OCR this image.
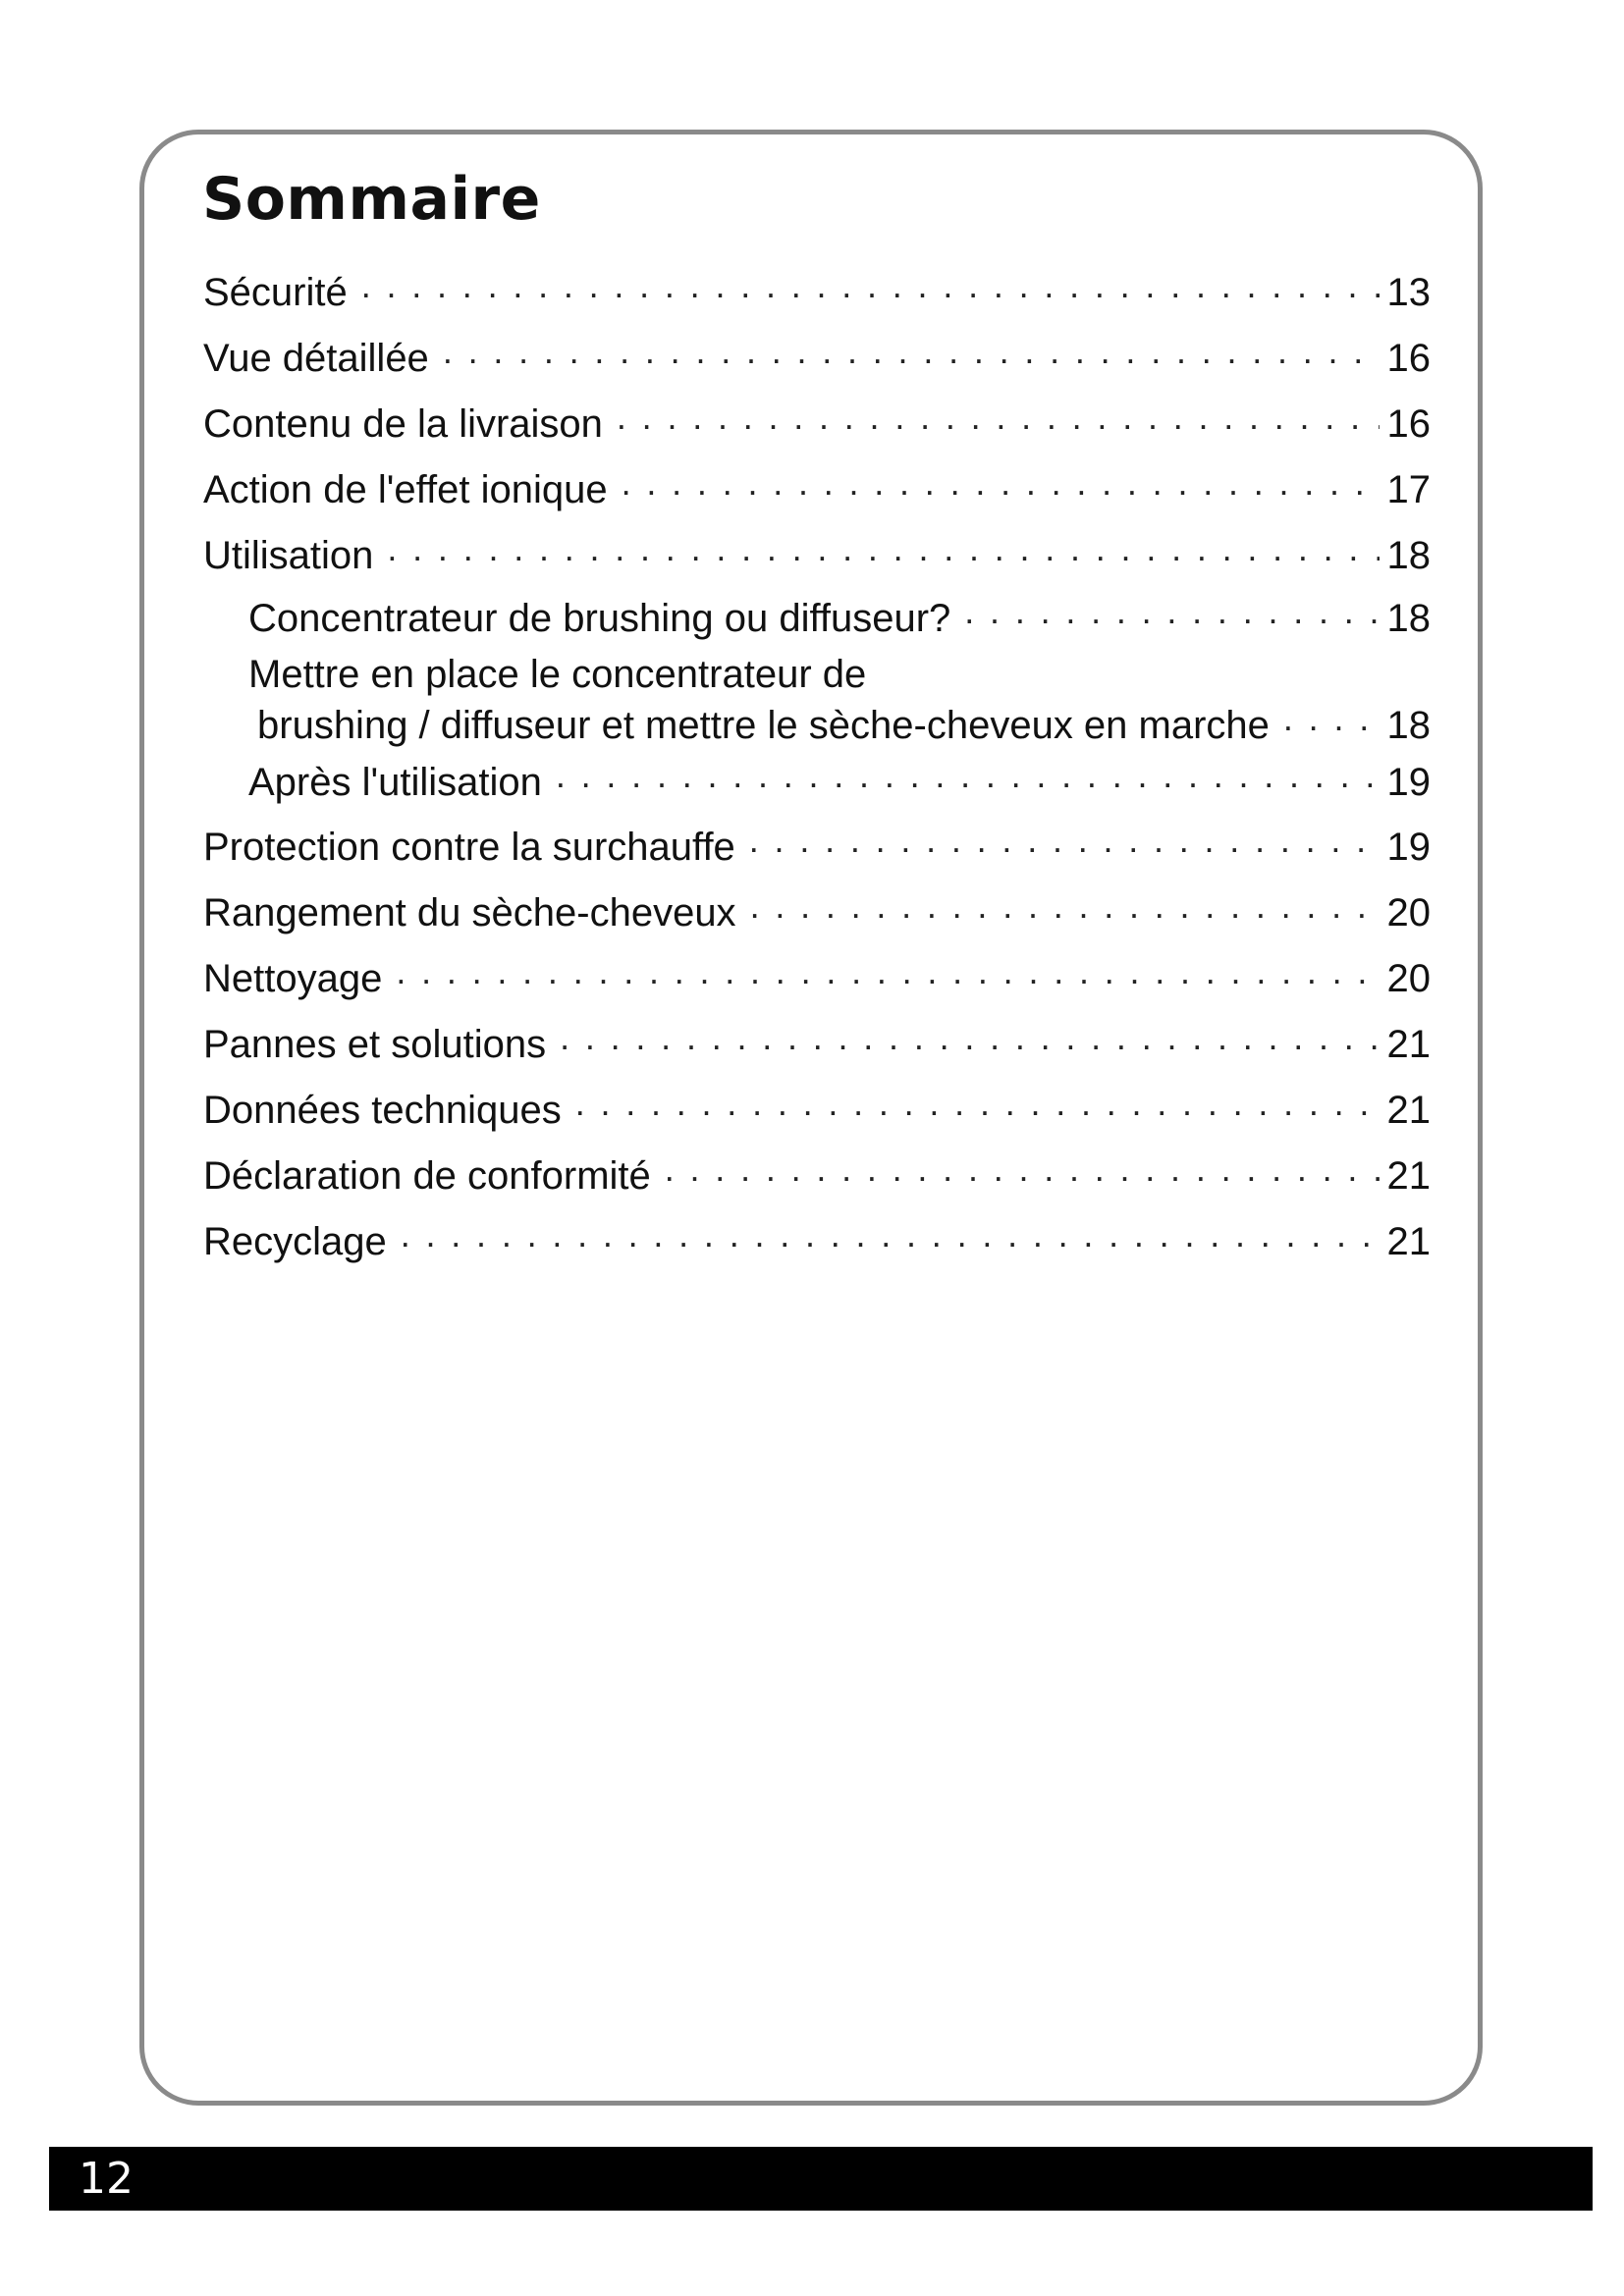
Sommaire
Sécurité . . .	13
Vue détaillée . . .	16
Contenu de la livraison . . .	16
Action de l'effet ionique . . .	17
Utilisation . . .	18
Concentrateur de brushing ou diffuseur? . . .	18
Mettre en place le concentrateur de
brushing / diffuseur et mettre le sèche-cheveux en marche . . .	18
Après l'utilisation . . .	19
Protection contre la surchauffe . . .	19
Rangement du sèche-cheveux . . .	20
Nettoyage . . .	20
Pannes et solutions . . .	21
Données techniques . . .	21
Déclaration de conformité . . .	21
Recyclage . . .	21
12
